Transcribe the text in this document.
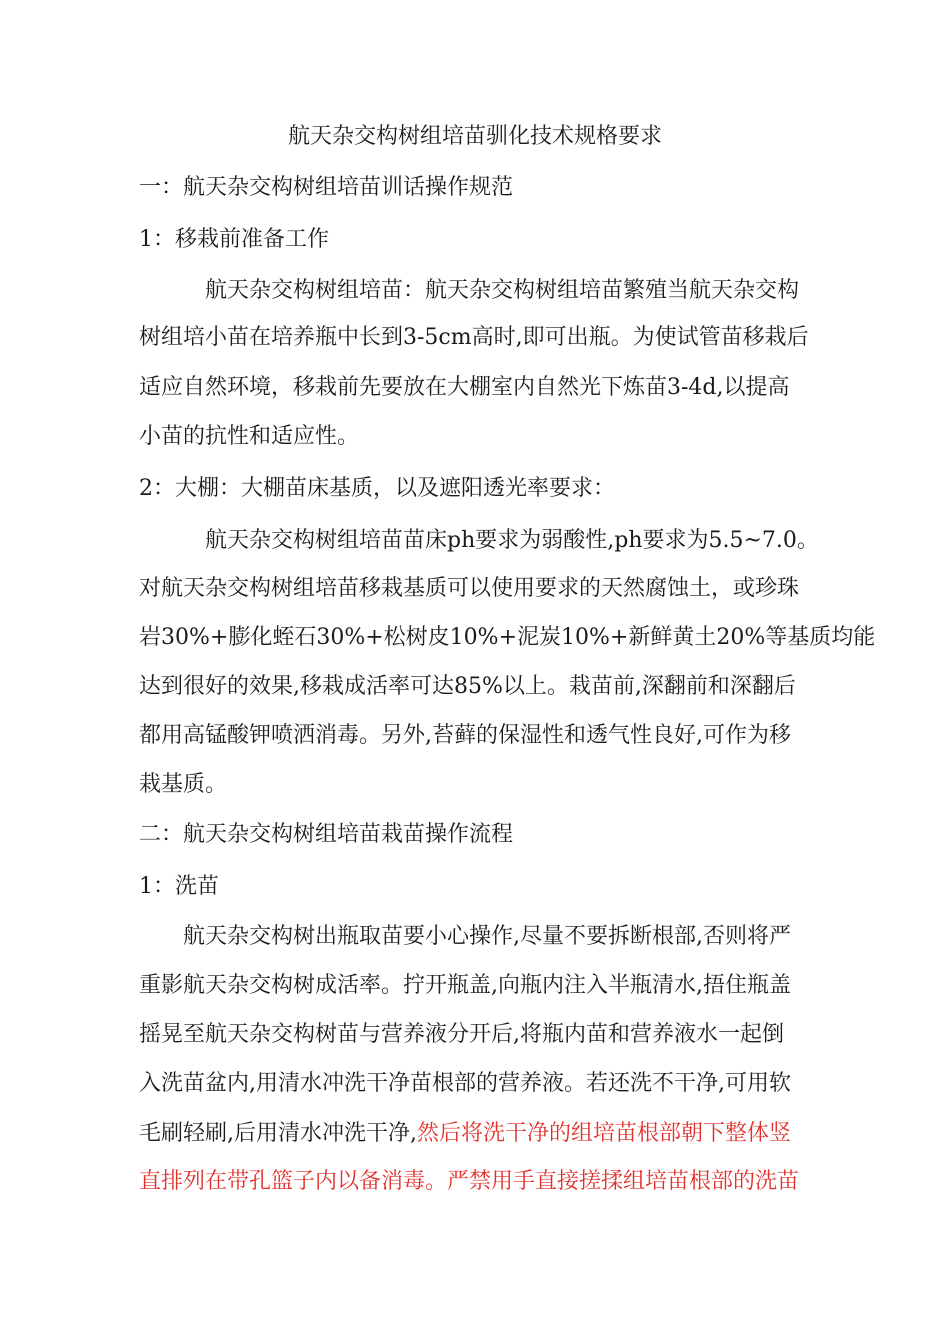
航天杂交构树组培苗驯化技术规格要求
一：航天杂交构树组培苗训话操作规范
1：移栽前准备工作
航天杂交构树组培苗：航天杂交构树组培苗繁殖当航天杂交构
树组培小苗在培养瓶中长到3-5cm高时,即可出瓶。为使试管苗移栽后
适应自然环境，移栽前先要放在大棚室内自然光下炼苗3-4d,以提高
小苗的抗性和适应性。
2：大棚：大棚苗床基质，以及遮阳透光率要求：
航天杂交构树组培苗苗床ph要求为弱酸性,ph要求为5.5~7.0。
对航天杂交构树组培苗移栽基质可以使用要求的天然腐蚀土，或珍珠
岩30%+膨化蛭石30%+松树皮10%+泥炭10%+新鲜黄土20%等基质均能
达到很好的效果,移栽成活率可达85%以上。栽苗前,深翻前和深翻后
都用高锰酸钾喷洒消毒。另外,苔藓的保湿性和透气性良好,可作为移
栽基质。
二：航天杂交构树组培苗栽苗操作流程
1：洗苗
航天杂交构树出瓶取苗要小心操作,尽量不要拆断根部,否则将严
重影航天杂交构树成活率。拧开瓶盖,向瓶内注入半瓶清水,捂住瓶盖
摇晃至航天杂交构树苗与营养液分开后,将瓶内苗和营养液水一起倒
入洗苗盆内,用清水冲洗干净苗根部的营养液。若还洗不干净,可用软
毛刷轻刷,后用清水冲洗干净,然后将洗干净的组培苗根部朝下整体竖
直排列在带孔篮子内以备消毒。严禁用手直接搓揉组培苗根部的洗苗
